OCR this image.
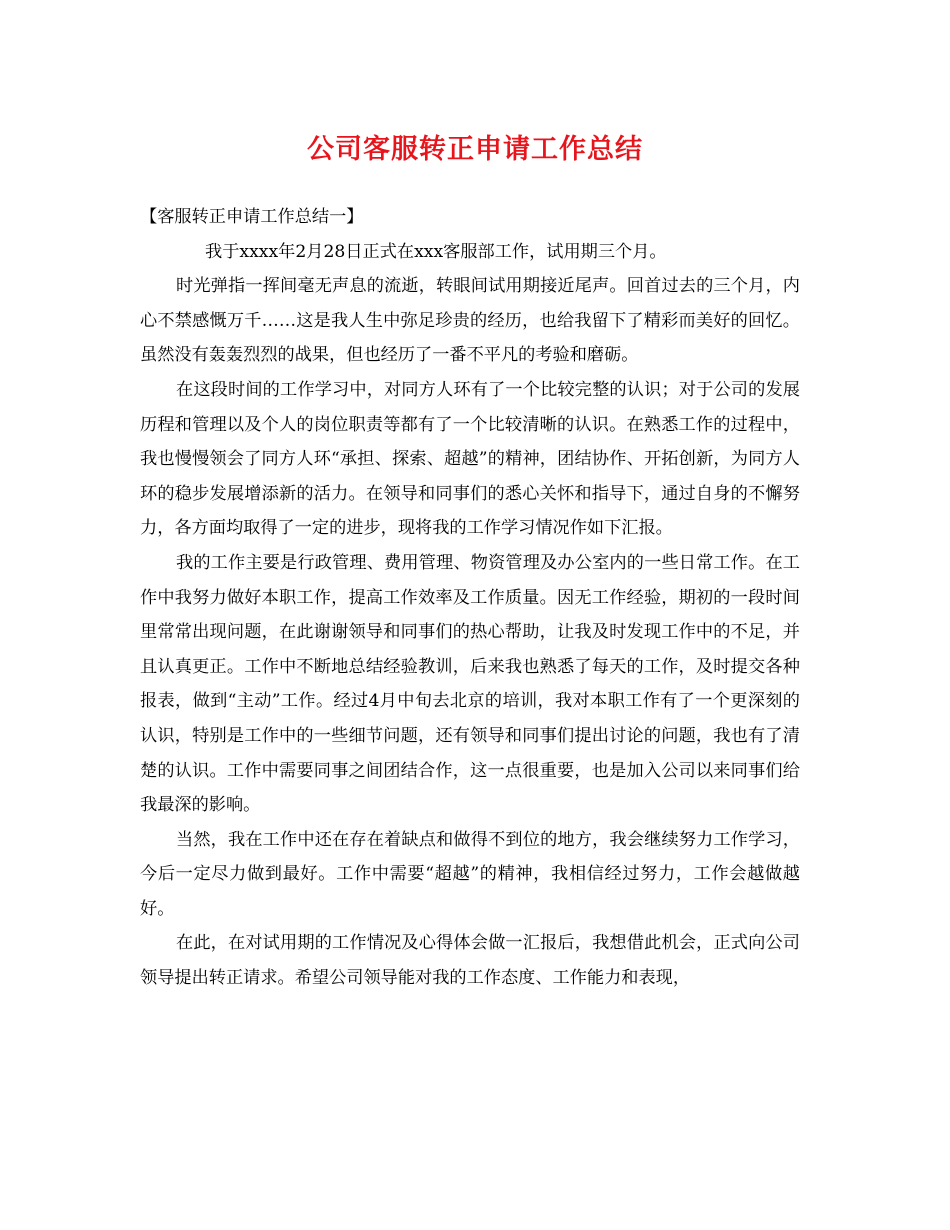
公司客服转正申请工作总结

【客服转正申请工作总结一】

我于xxxx年2月28日正式在xxx客服部工作，试用期三个月。

时光弹指一挥间毫无声息的流逝，转眼间试用期接近尾声。回首过去的三个月，内心不禁感慨万千……这是我人生中弥足珍贵的经历，也给我留下了精彩而美好的回忆。虽然没有轰轰烈烈的战果，但也经历了一番不平凡的考验和磨砺。

在这段时间的工作学习中，对同方人环有了一个比较完整的认识；对于公司的发展历程和管理以及个人的岗位职责等都有了一个比较清晰的认识。在熟悉工作的过程中，我也慢慢领会了同方人环“承担、探索、超越”的精神，团结协作、开拓创新，为同方人环的稳步发展增添新的活力。在领导和同事们的悉心关怀和指导下，通过自身的不懈努力，各方面均取得了一定的进步，现将我的工作学习情况作如下汇报。

我的工作主要是行政管理、费用管理、物资管理及办公室内的一些日常工作。在工作中我努力做好本职工作，提高工作效率及工作质量。因无工作经验，期初的一段时间里常常出现问题，在此谢谢领导和同事们的热心帮助，让我及时发现工作中的不足，并且认真更正。工作中不断地总结经验教训，后来我也熟悉了每天的工作，及时提交各种报表，做到“主动”工作。经过4月中旬去北京的培训，我对本职工作有了一个更深刻的认识，特别是工作中的一些细节问题，还有领导和同事们提出讨论的问题，我也有了清楚的认识。工作中需要同事之间团结合作，这一点很重要，也是加入公司以来同事们给我最深的影响。

当然，我在工作中还在存在着缺点和做得不到位的地方，我会继续努力工作学习，今后一定尽力做到最好。工作中需要“超越”的精神，我相信经过努力，工作会越做越好。

在此，在对试用期的工作情况及心得体会做一汇报后，我想借此机会，正式向公司领导提出转正请求。希望公司领导能对我的工作态度、工作能力和表现，
